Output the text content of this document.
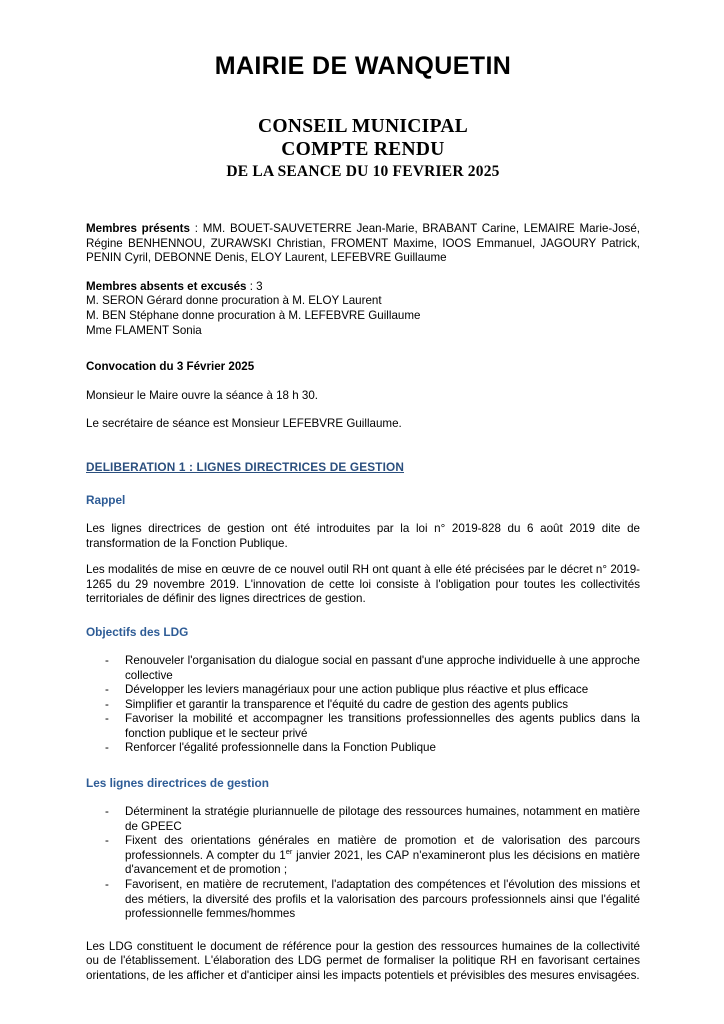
MAIRIE DE WANQUETIN
CONSEIL MUNICIPAL
COMPTE RENDU
DE LA SEANCE DU 10 FEVRIER 2025

Membres présents : MM. BOUET-SAUVETERRE Jean-Marie, BRABANT Carine, LEMAIRE Marie-José, Régine BENHENNOU, ZURAWSKI Christian, FROMENT Maxime, IOOS Emmanuel, JAGOURY Patrick, PENIN Cyril, DEBONNE Denis, ELOY Laurent, LEFEBVRE Guillaume

Membres absents et excusés : 3

M. SERON Gérard donne procuration à M. ELOY Laurent

M. BEN Stéphane donne procuration à M. LEFEBVRE Guillaume

Mme FLAMENT Sonia

Convocation du 3 Février 2025

Monsieur le Maire ouvre la séance à 18 h 30.

Le secrétaire de séance est Monsieur LEFEBVRE Guillaume.

DELIBERATION 1 : LIGNES DIRECTRICES DE GESTION

Rappel

Les lignes directrices de gestion ont été introduites par la loi n° 2019-828 du 6 août 2019 dite de transformation de la Fonction Publique.

Les modalités de mise en œuvre de ce nouvel outil RH ont quant à elle été précisées par le décret n° 2019-1265 du 29 novembre 2019. L'innovation de cette loi consiste à l'obligation pour toutes les collectivités territoriales de définir des lignes directrices de gestion.

Objectifs des LDG

- Renouveler l'organisation du dialogue social en passant d'une approche individuelle à une approche collective
- Développer les leviers managériaux pour une action publique plus réactive et plus efficace
- Simplifier et garantir la transparence et l'équité du cadre de gestion des agents publics
- Favoriser la mobilité et accompagner les transitions professionnelles des agents publics dans la fonction publique et le secteur privé
- Renforcer l'égalité professionnelle dans la Fonction Publique

Les lignes directrices de gestion

- Déterminent la stratégie pluriannuelle de pilotage des ressources humaines, notamment en matière de GPEEC
- Fixent des orientations générales en matière de promotion et de valorisation des parcours professionnels. A compter du 1er janvier 2021, les CAP n'examineront plus les décisions en matière d'avancement et de promotion ;
- Favorisent, en matière de recrutement, l'adaptation des compétences et l'évolution des missions et des métiers, la diversité des profils et la valorisation des parcours professionnels ainsi que l'égalité professionnelle femmes/hommes

Les LDG constituent le document de référence pour la gestion des ressources humaines de la collectivité ou de l'établissement. L'élaboration des LDG permet de formaliser la politique RH en favorisant certaines orientations, de les afficher et d'anticiper ainsi les impacts potentiels et prévisibles des mesures envisagées.
